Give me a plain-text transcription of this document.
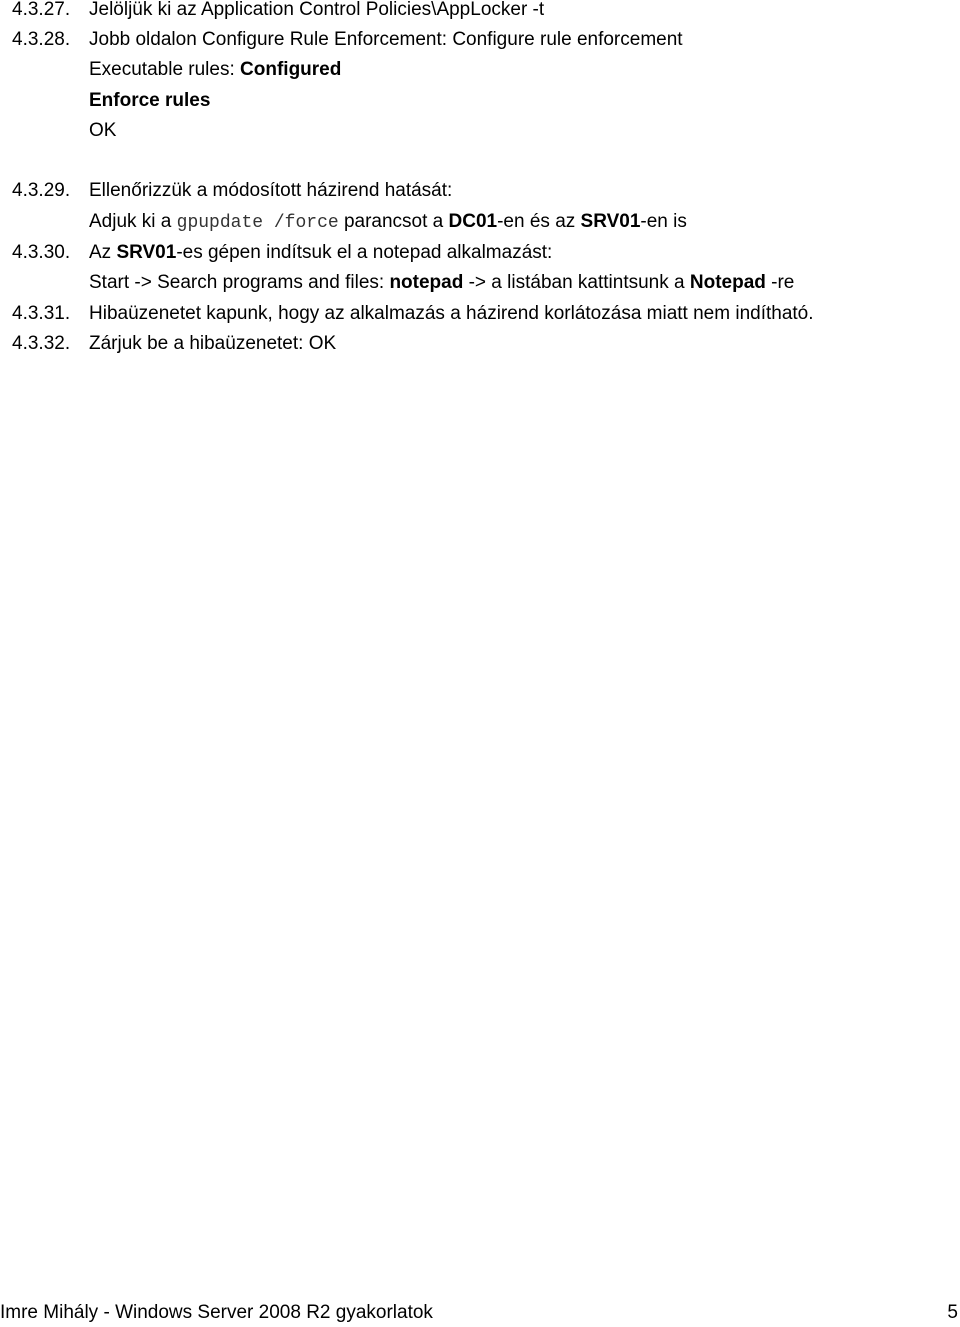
4.3.27. Jelöljük ki az Application Control Policies\AppLocker -t
4.3.28. Jobb oldalon Configure Rule Enforcement: Configure rule enforcement
Executable rules: Configured
Enforce rules
OK
4.3.29. Ellenőrizzük a módosított házirend hatását:
Adjuk ki a gpupdate /force parancsot a DC01-en és az SRV01-en is
4.3.30. Az SRV01-es gépen indítsuk el a notepad alkalmazást:
Start -> Search programs and files: notepad -> a listában kattintsunk a Notepad -re
4.3.31. Hibaüzenetet kapunk, hogy az alkalmazás a házirend korlátozása miatt nem indítható.
4.3.32. Zárjuk be a hibaüzenetet: OK
Imre Mihály - Windows Server 2008 R2 gyakorlatok	5
